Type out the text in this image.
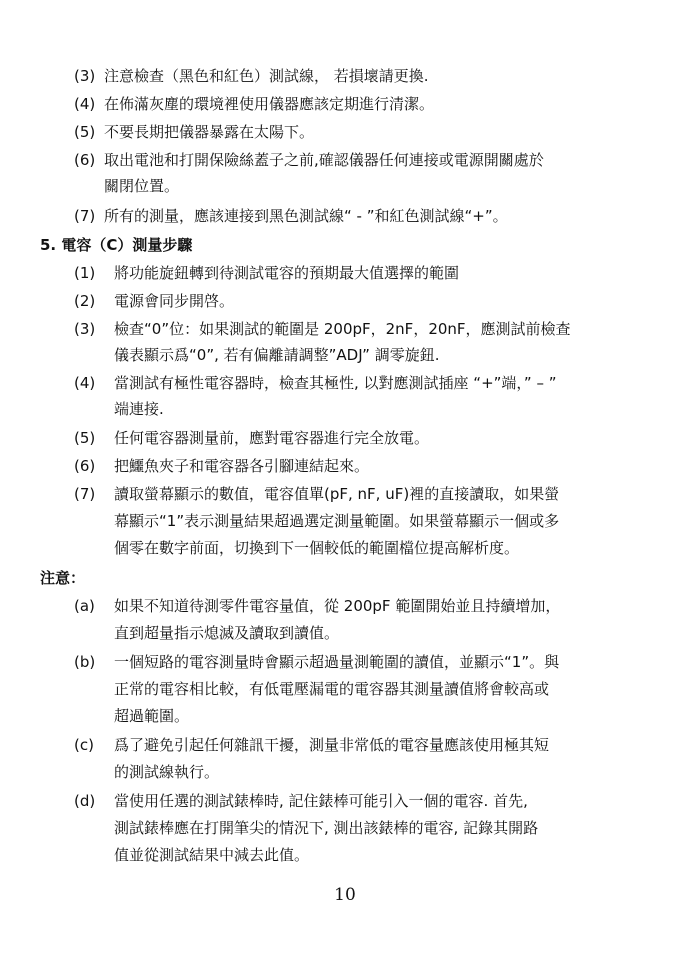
(3) 注意檢查（黑色和紅色）測試線， 若損壞請更換.
(4) 在佈滿灰塵的環境裡使用儀器應該定期進行清潔。
(5) 不要長期把儀器暴露在太陽下。
(6) 取出電池和打開保險絲蓋子之前,確認儀器任何連接或電源開關處於
關閉位置。
(7) 所有的測量，應該連接到黑色測試線“ - ”和紅色測試線“+”。
5. 電容（C）測量步驟
(1) 將功能旋鈕轉到待測試電容的預期最大值選擇的範圍
(2) 電源會同步開啓。
(3) 檢查“0”位：如果測試的範圍是 200pF，2nF，20nF，應測試前檢查
儀表顯示爲“0”, 若有偏離請調整”ADJ” 調零旋鈕.
(4) 當測試有極性電容器時，檢查其極性, 以對應測試插座 “+”端，” – ”
端連接.
(5) 任何電容器測量前，應對電容器進行完全放電。
(6) 把鱷魚夾子和電容器各引腳連結起來。
(7) 讀取螢幕顯示的數值，電容值單(pF, nF, uF)裡的直接讀取，如果螢
幕顯示“1”表示測量結果超過選定測量範圍。如果螢幕顯示一個或多
個零在數字前面，切換到下一個較低的範圍檔位提高解析度。
注意：
(a) 如果不知道待測零件電容量值，從 200pF 範圍開始並且持續增加，
直到超量指示熄滅及讀取到讀值。
(b) 一個短路的電容測量時會顯示超過量測範圍的讀值，並顯示“1”。與
正常的電容相比較，有低電壓漏電的電容器其測量讀值將會較高或
超過範圍。
(c) 爲了避免引起任何雜訊干擾，測量非常低的電容量應該使用極其短
的測試線執行。
(d) 當使用任選的測試錶棒時, 記住錶棒可能引入一個的電容. 首先,
測試錶棒應在打開筆尖的情況下, 測出該錶棒的電容, 記錄其開路
值並從測試結果中減去此值。
10
